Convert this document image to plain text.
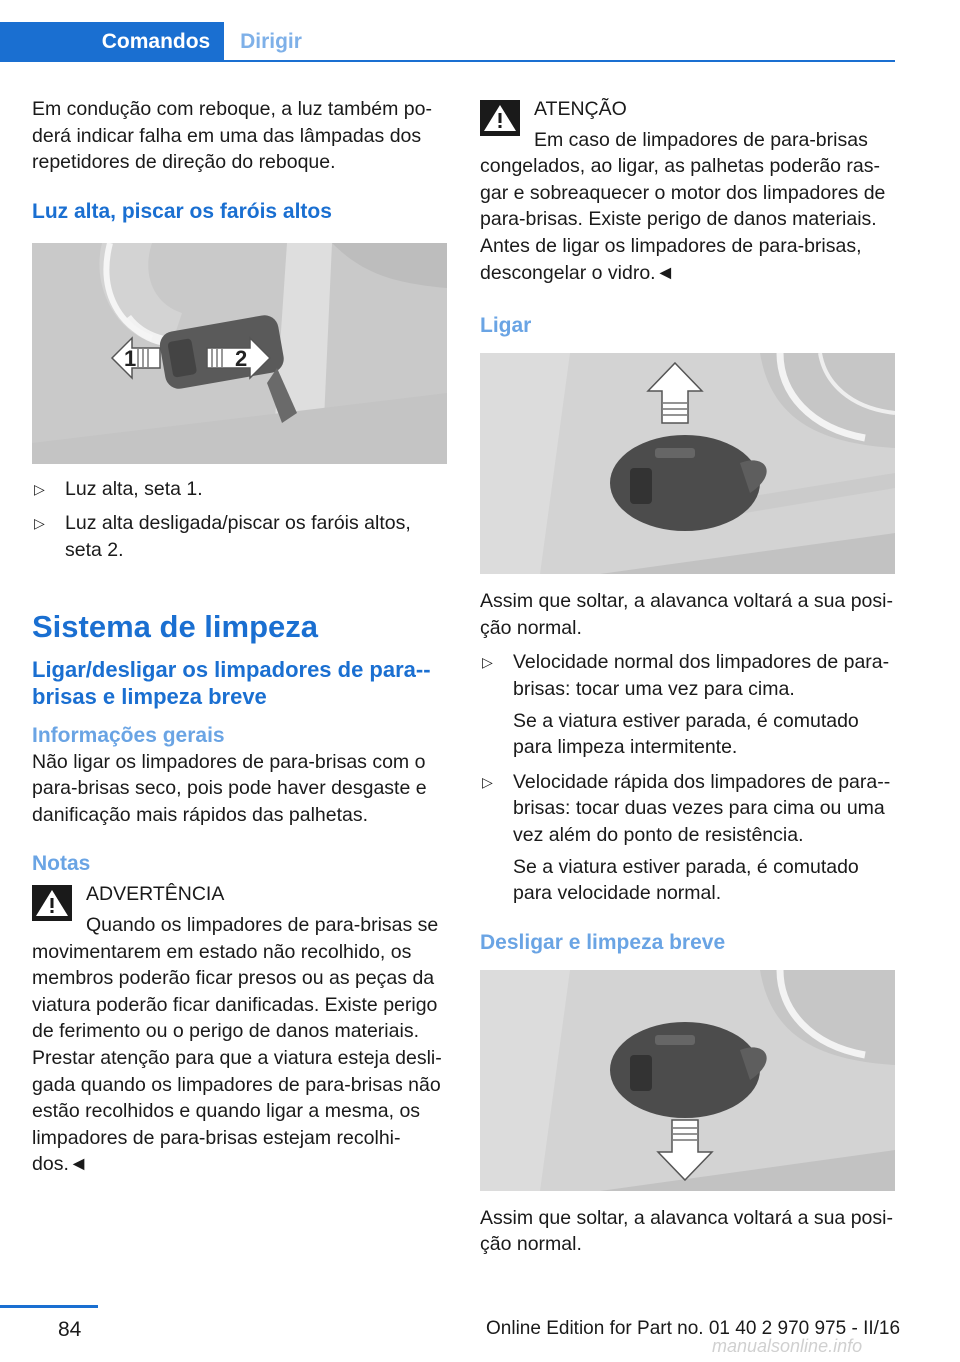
Comandos	Dirigir

Em condução com reboque, a luz também po-derá indicar falha em uma das lâmpadas dos repetidores de direção do reboque.

Luz alta, piscar os faróis altos
1	2
▷ Luz alta, seta 1.
▷ Luz alta desligada/piscar os faróis altos, seta 2.
Sistema de limpeza
Ligar/desligar os limpadores de para--brisas e limpeza breve
Informações gerais

Não ligar os limpadores de para-brisas com o para-brisas seco, pois pode haver desgaste e danificação mais rápidos das palhetas.

Notas
ADVERTÊNCIA
Quando os limpadores de para-brisas se

movimentarem em estado não recolhido, os membros poderão ficar presos ou as peças da viatura poderão ficar danificadas. Existe perigo de ferimento ou o perigo de danos materiais. Prestar atenção para que a viatura esteja desli-gada quando os limpadores de para-brisas não estão recolhidos e quando ligar a mesma, os limpadores de para-brisas estejam recolhi-dos.◄

ATENÇÃO
Em caso de limpadores de para-brisas

congelados, ao ligar, as palhetas poderão ras-gar e sobreaquecer o motor dos limpadores de para-brisas. Existe perigo de danos materiais. Antes de ligar os limpadores de para-brisas, descongelar o vidro.◄

Ligar

Assim que soltar, a alavanca voltará a sua posi-ção normal.

▷ Velocidade normal dos limpadores de para-brisas: tocar uma vez para cima.
Se a viatura estiver parada, é comutado para limpeza intermitente.
▷ Velocidade rápida dos limpadores de para--brisas: tocar duas vezes para cima ou uma vez além do ponto de resistência.
Se a viatura estiver parada, é comutado para velocidade normal.
Desligar e limpeza breve

Assim que soltar, a alavanca voltará a sua posi-ção normal.

84	Online Edition for Part no. 01 40 2 970 975 - II/16
manualsonline.info
